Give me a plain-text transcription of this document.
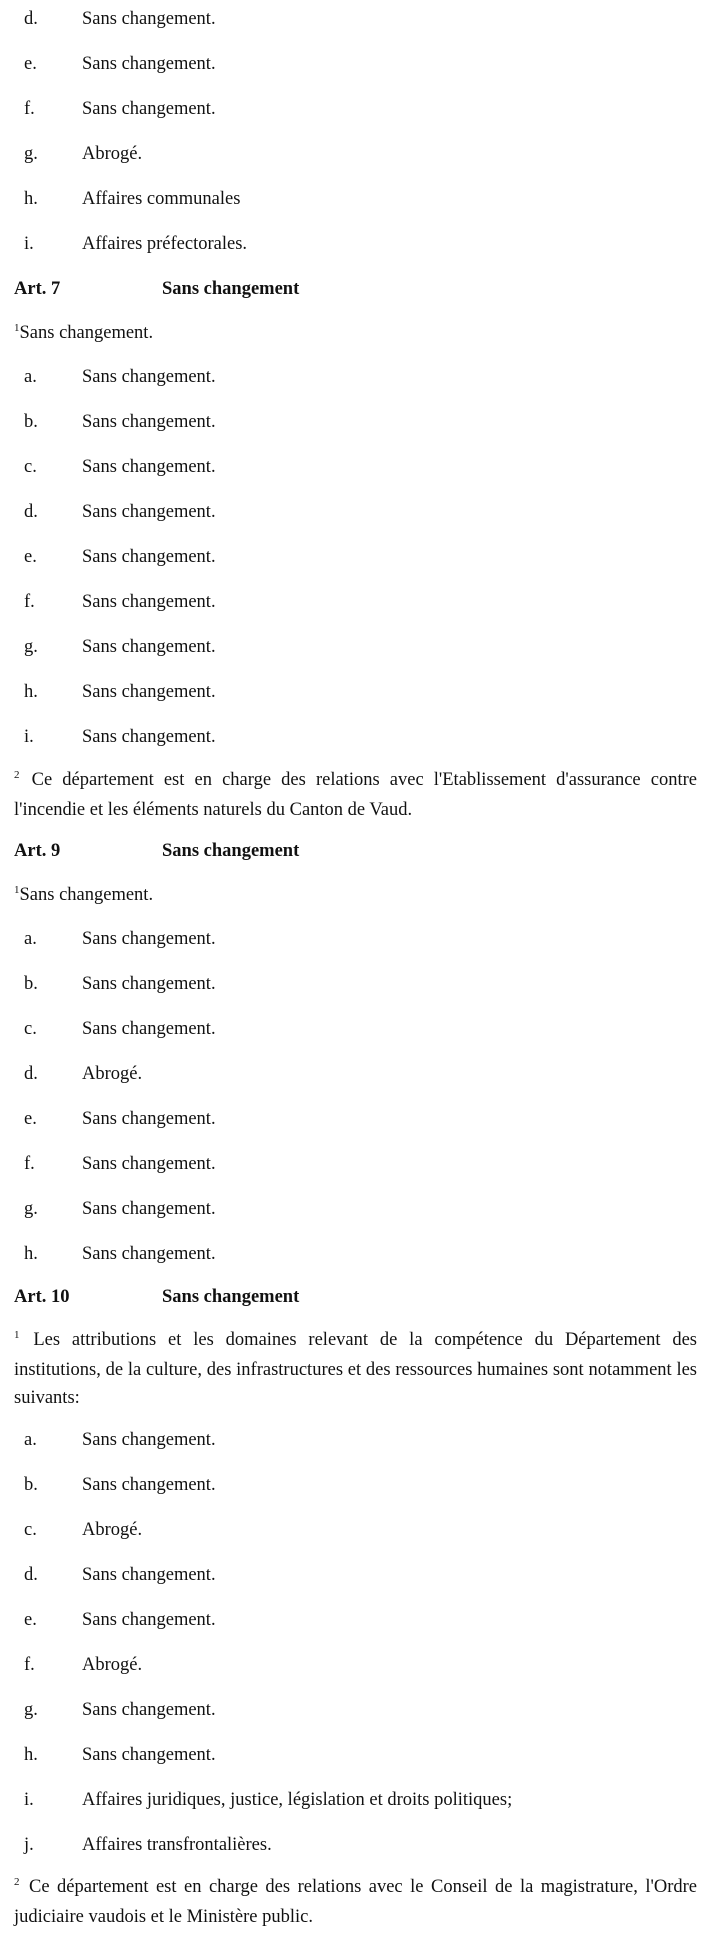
d.	Sans changement.
e.	Sans changement.
f.	Sans changement.
g.	Abrogé.
h.	Affaires communales
i.	Affaires préfectorales.
Art. 7	Sans changement
$^1$Sans changement.
a.	Sans changement.
b.	Sans changement.
c.	Sans changement.
d.	Sans changement.
e.	Sans changement.
f.	Sans changement.
g.	Sans changement.
h.	Sans changement.
i.	Sans changement.
$^2$ Ce département est en charge des relations avec l'Etablissement d'assurance contre l'incendie et les éléments naturels du Canton de Vaud.
Art. 9	Sans changement
$^1$Sans changement.
a.	Sans changement.
b.	Sans changement.
c.	Sans changement.
d.	Abrogé.
e.	Sans changement.
f.	Sans changement.
g.	Sans changement.
h.	Sans changement.
Art. 10	Sans changement
$^1$ Les attributions et les domaines relevant de la compétence du Département des institutions, de la culture, des infrastructures et des ressources humaines sont notamment les suivants:
a.	Sans changement.
b.	Sans changement.
c.	Abrogé.
d.	Sans changement.
e.	Sans changement.
f.	Abrogé.
g.	Sans changement.
h.	Sans changement.
i.	Affaires juridiques, justice, législation et droits politiques;
j.	Affaires transfrontalières.
$^2$ Ce département est en charge des relations avec le Conseil de la magistrature, l'Ordre judiciaire vaudois et le Ministère public.
